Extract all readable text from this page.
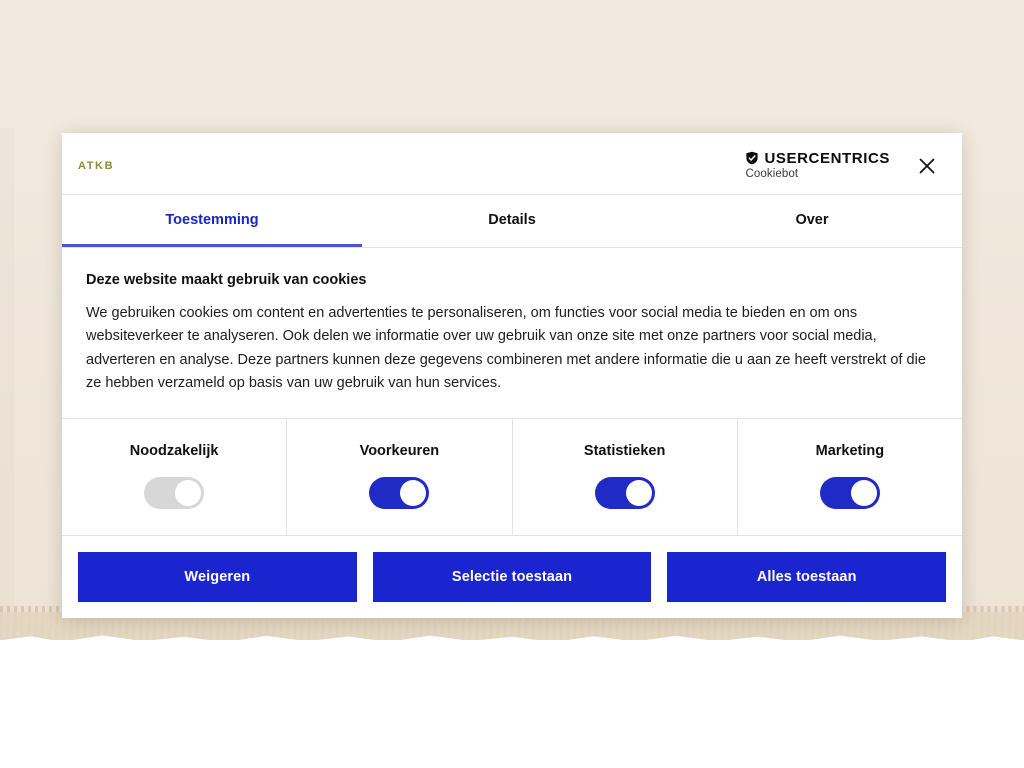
ATKB	USERCENTRICS
Cookiebot
Toestemming	Details	Over
Deze website maakt gebruik van cookies

We gebruiken cookies om content en advertenties te personaliseren, om functies voor social media te bieden en om ons websiteverkeer te analyseren. Ook delen we informatie over uw gebruik van onze site met onze partners voor social media, adverteren en analyse. Deze partners kunnen deze gegevens combineren met andere informatie die u aan ze heeft verstrekt of die ze hebben verzameld op basis van uw gebruik van hun services.

Noodzakelijk	Voorkeuren	Statistieken	Marketing
Weigeren	Selectie toestaan	Alles toestaan
